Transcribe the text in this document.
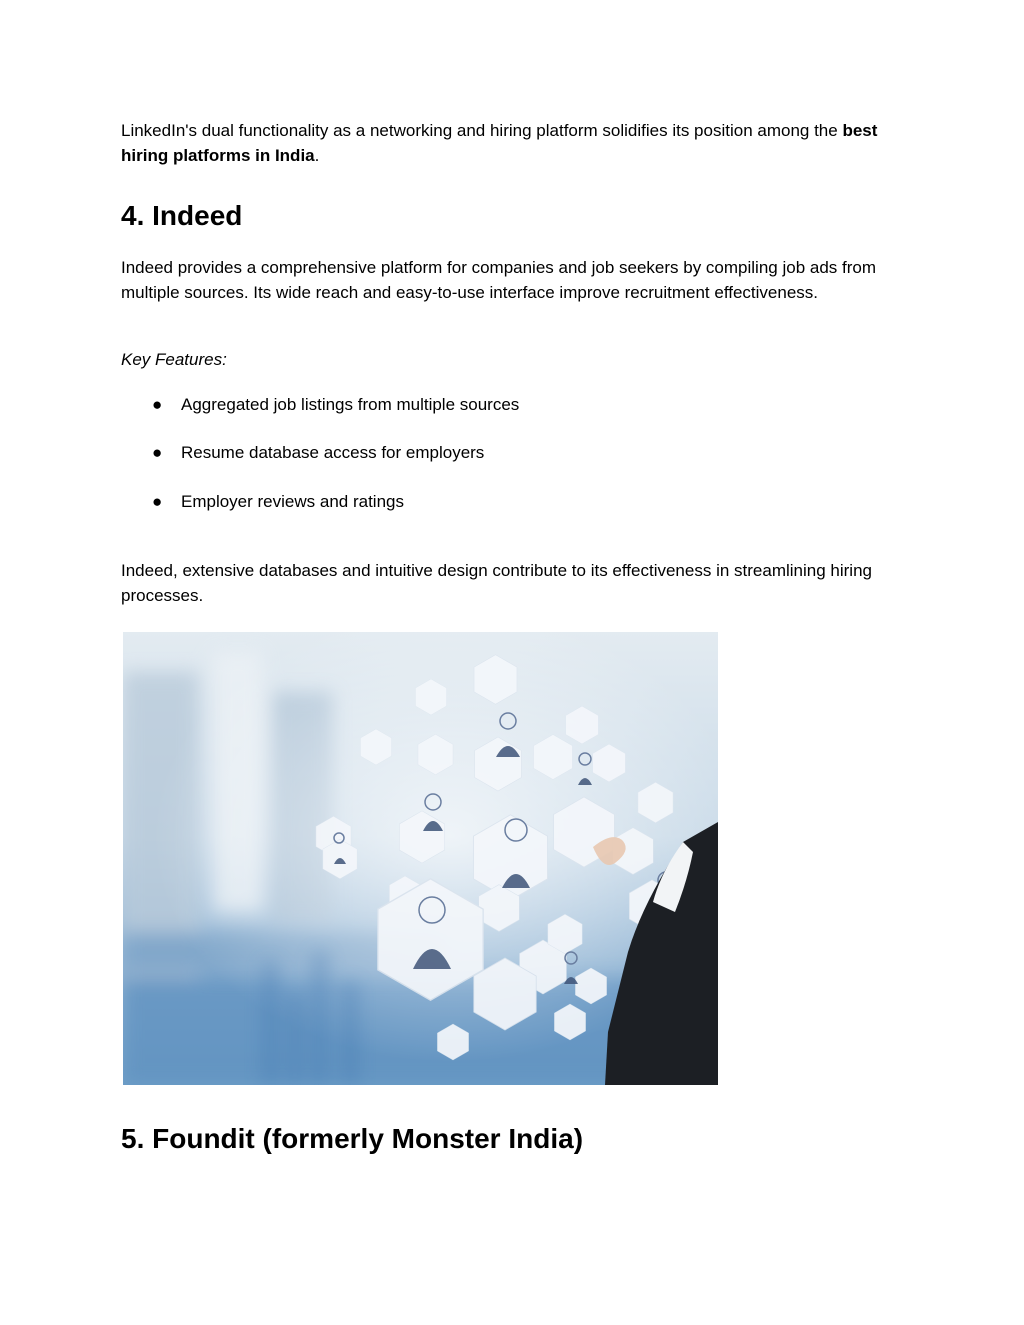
LinkedIn's dual functionality as a networking and hiring platform solidifies its position among the best hiring platforms in India.

4. Indeed

Indeed provides a comprehensive platform for companies and job seekers by compiling job ads from multiple sources. Its wide reach and easy-to-use interface improve recruitment effectiveness.

Key Features:

● Aggregated job listings from multiple sources
● Resume database access for employers
● Employer reviews and ratings

Indeed, extensive databases and intuitive design contribute to its effectiveness in streamlining hiring processes.

5. Foundit (formerly Monster India)
